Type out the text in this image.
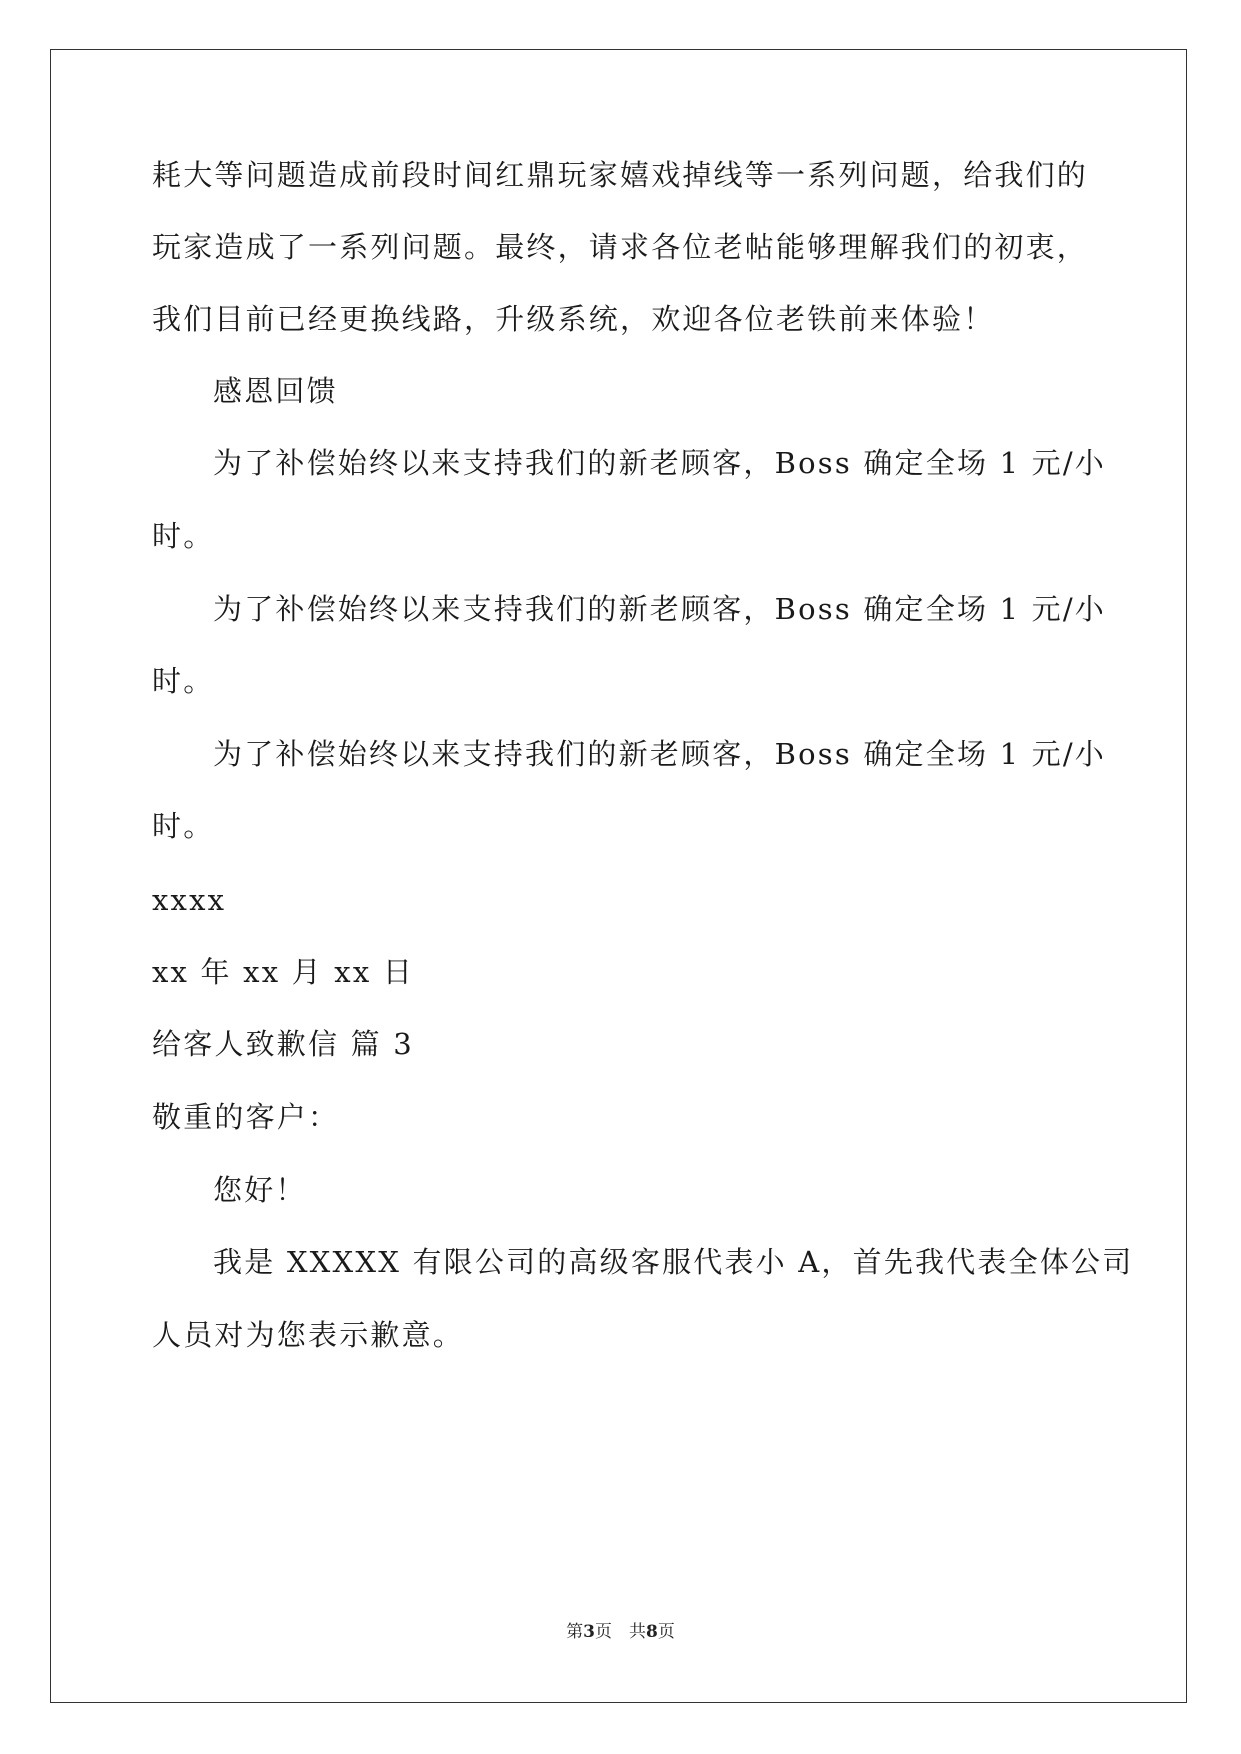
耗大等问题造成前段时间红鼎玩家嬉戏掉线等一系列问题，给我们的
玩家造成了一系列问题。最终，请求各位老帖能够理解我们的初衷，
我们目前已经更换线路，升级系统，欢迎各位老铁前来体验！
感恩回馈
为了补偿始终以来支持我们的新老顾客，Boss 确定全场 1 元/小
时。
为了补偿始终以来支持我们的新老顾客，Boss 确定全场 1 元/小
时。
为了补偿始终以来支持我们的新老顾客，Boss 确定全场 1 元/小
时。
xxxx
xx 年 xx 月 xx 日
给客人致歉信 篇 3
敬重的客户：
您好！
我是 XXXXX 有限公司的高级客服代表小 A，首先我代表全体公司
人员对为您表示歉意。
第3页　共8页
